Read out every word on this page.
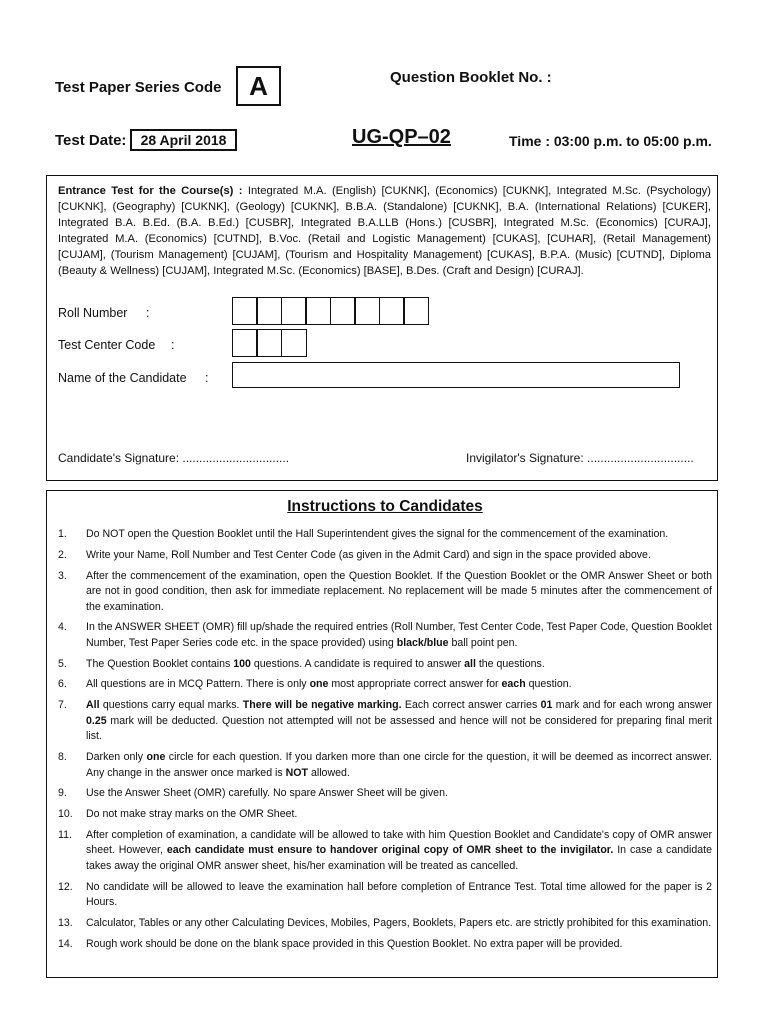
Test Paper Series Code	A	Question Booklet No. :
Test Date:	28 April 2018	UG-QP–02	Time : 03:00 p.m. to 05:00 p.m.
Entrance Test for the Course(s) : Integrated M.A. (English) [CUKNK], (Economics) [CUKNK], Integrated M.Sc. (Psychology) [CUKNK], (Geography) [CUKNK], (Geology) [CUKNK], B.B.A. (Standalone) [CUKNK], B.A. (International Relations) [CUKER], Integrated B.A. B.Ed. (B.A. B.Ed.) [CUSBR], Integrated B.A.LLB (Hons.) [CUSBR], Integrated M.Sc. (Economics) [CURAJ], Integrated M.A. (Economics) [CUTND], B.Voc. (Retail and Logistic Management) [CUKAS], [CUHAR], (Retail Management) [CUJAM], (Tourism Management) [CUJAM], (Tourism and Hospitality Management) [CUKAS], B.P.A. (Music) [CUTND], Diploma (Beauty & Wellness) [CUJAM], Integrated M.Sc. (Economics) [BASE], B.Des. (Craft and Design) [CURAJ].
Roll Number :
Test Center Code :
Name of the Candidate :
Candidate's Signature: ................................	Invigilator's Signature: ................................
Instructions to Candidates
1.	Do NOT open the Question Booklet until the Hall Superintendent gives the signal for the commencement of the examination.
2.	Write your Name, Roll Number and Test Center Code (as given in the Admit Card) and sign in the space provided above.
3.	After the commencement of the examination, open the Question Booklet. If the Question Booklet or the OMR Answer Sheet or both are not in good condition, then ask for immediate replacement. No replacement will be made 5 minutes after the commencement of the examination.
4.	In the ANSWER SHEET (OMR) fill up/shade the required entries (Roll Number, Test Center Code, Test Paper Code, Question Booklet Number, Test Paper Series code etc. in the space provided) using black/blue ball point pen.
5.	The Question Booklet contains 100 questions. A candidate is required to answer all the questions.
6.	All questions are in MCQ Pattern. There is only one most appropriate correct answer for each question.
7.	All questions carry equal marks. There will be negative marking. Each correct answer carries 01 mark and for each wrong answer 0.25 mark will be deducted. Question not attempted will not be assessed and hence will not be considered for preparing final merit list.
8.	Darken only one circle for each question. If you darken more than one circle for the question, it will be deemed as incorrect answer. Any change in the answer once marked is NOT allowed.
9.	Use the Answer Sheet (OMR) carefully. No spare Answer Sheet will be given.
10.	Do not make stray marks on the OMR Sheet.
11.	After completion of examination, a candidate will be allowed to take with him Question Booklet and Candidate's copy of OMR answer sheet. However, each candidate must ensure to handover original copy of OMR sheet to the invigilator. In case a candidate takes away the original OMR answer sheet, his/her examination will be treated as cancelled.
12.	No candidate will be allowed to leave the examination hall before completion of Entrance Test. Total time allowed for the paper is 2 Hours.
13.	Calculator, Tables or any other Calculating Devices, Mobiles, Pagers, Booklets, Papers etc. are strictly prohibited for this examination.
14.	Rough work should be done on the blank space provided in this Question Booklet. No extra paper will be provided.
